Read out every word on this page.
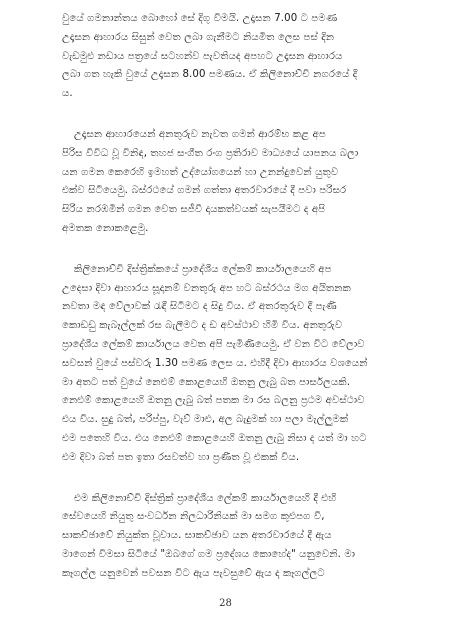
වුයේ ගමනාන්තය බොහෝ සේ දිගු විමයි. උදෑසන 7.00 ට පමණ
උදෑසන ආහාරය සිසුන් වෙත ලබා ගැනීමට නියමිත ලෙස පස් දින
වැඩමුළු නඩාය පත්‍රයේ සටහන්ව පැවතියද අපහට උදෑසන ආහාරය
ලබා ගත හැකි වුයේ උදෑසන 8.00 පමණය. ඒ කිලිනොච්චි නගරයේ දී
ය.
උදෑසන ආහාරයෙන් අනතුරුව නැවත ගමන් ආරම්භ කළ අප
පිරිස විවිධ වූ විනිඳ, තහජ සංගීත රංග ප්‍රතිරාව මාධ්‍යයේ යාපනය බලා
යන ගමන කෙරෙහි ඉමහත් උද්යෝගයෙන් හා උනන්දුවෙන් යුතුව
එක්ව සිටියෙමු. බස්රථයේ ගමන් ගත්තා අතරවාරයේ දී පවා පරිසර
සිරිය නරඹමින් ගමන වෙත සජීවී දායකත්වයක් සැපයීමට ද අපි
අමතක නොකළෙමු.
කිලිනොච්චි දිස්ත්‍රික්කයේ ප්‍රාදේශීය ලේකම් කාර්යාලයෙහි අප
උදෙසා දිවා ආහාරය සූදානම් වනතුරු අප හට බස්රථය මග අයිතනක
නවතා මඳ වේලාවක් රැඳී සිටීමට ද සිදු විය. ඒ අතරතුරුව දී පැණි
කොඩඩු කැබෑල්ලක් රස බැලීමට ද ඩ අවස්ථාව හිමි විය. අනතුරුව
ප්‍රාදේශීය ලේකම් කාර්යාලය වෙත අපි පැමිණියෙමු. ඒ වන විට වේලාව
සවසන් වුයේ පස්වරු 1.30 පමණ ලෙස ය. එහිදී දිවා ආහාරය වශයෙන්
මා අතට පත් වුයේ නෙළුම් කොළයෙහි ඔතනු ලැබු බත පාර්සලයකි.
නෙළුම් කොළයෙහි ඔතනු ලැබු බත් පතක මා රස බලනු ප්‍රථම අවස්ථාව
එය විය. සුදු බත්, පරිප්පු, වැව් මාළු, අල බැදුමක් හා පලා මැල්ලුමක්
එම පතෙහි විය. එය නෙළුම් කොළයෙහි ඔතනු ලැබු නිසා ද යත් මා හට
එම දිවා බත් පත ඉතා රසවත්ව හා ප්‍රණීත වූ එකක් විය.
එම කිලිනොච්චි දිස්ත්‍රික් ප්‍රාදේශීය ලේකම් කාර්යාලයෙහි දී එහි
සේවයෙහි නියුතු සංවර්ධන නිලධාරිනියක් මා සමග කුළුපග වී,
සාකච්ඡාවේ නියුක්ත වූවාය. සාකච්ඡාව යන අතරවාරයේ දී ඇය
මාගෙන් විමසා සිටියේ "ඔබගේ ගම ප්‍රදේශය කොහේද" යනුවෙනි. මා
කෑගල්ල යනුවෙන් පවසන විට ඇය පැවසුවේ ඇය ද කෑගල්ලට
28
